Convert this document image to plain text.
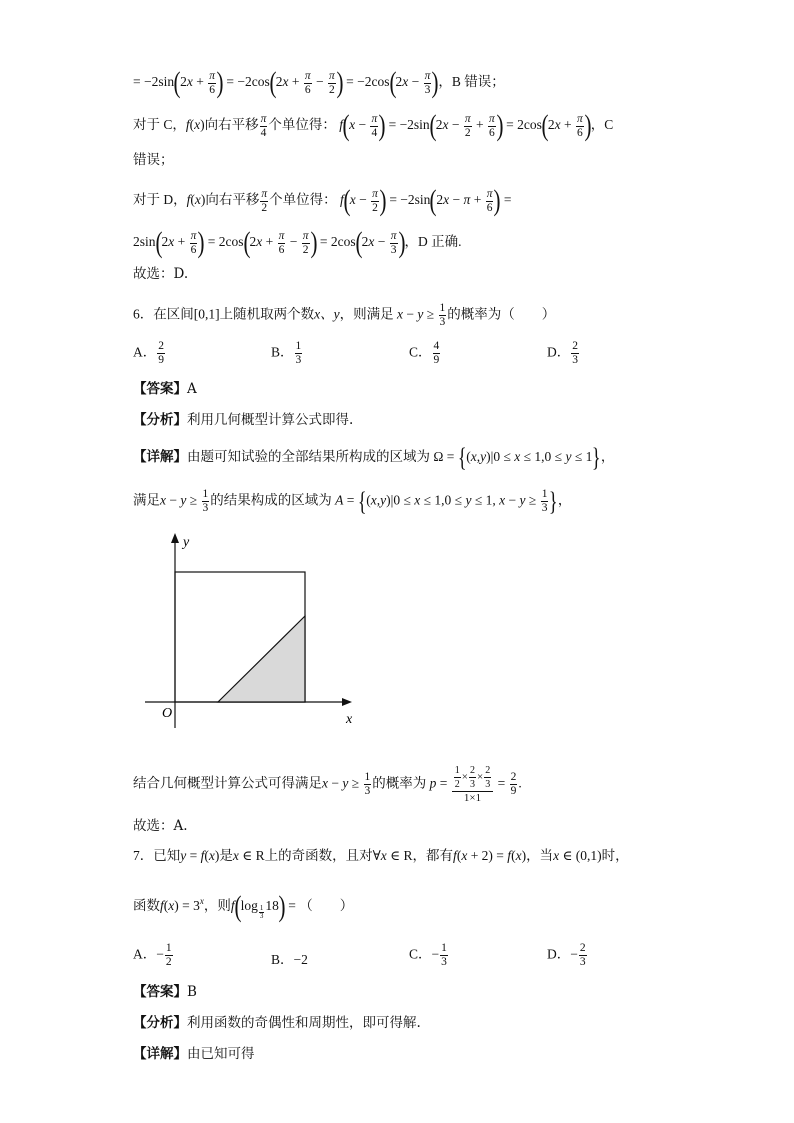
= $-2\sin(2x + \frac{\pi}{6}$ ) = $-2\cos(2x + \frac{\pi}{6} - \frac{\pi}{2}$ ) = $-2\cos(2x - \frac{\pi}{3}$ )，B 错误；
对于 C，f(x)向右平移 $\frac{\pi}{4}$ 个单位得： $f(x - \frac{\pi}{4}$ ) = $-2\sin(2x - \frac{\pi}{2} + \frac{\pi}{6}$ ) = $2\cos(2x + \frac{\pi}{6}$ )，C
错误；
对于 D，f(x)向右平移 $\frac{\pi}{2}$ 个单位得： $f(x - \frac{\pi}{2}$ ) = $-2\sin(2x - \pi + \frac{\pi}{6}$ ) =
$2\sin(2x + \frac{\pi}{6}$ ) = $2\cos(2x + \frac{\pi}{6} - \frac{\pi}{2}$ ) = $2\cos(2x - \frac{\pi}{3}$ )，D 正确.
故选：D.
6．在区间[0,1]上随机取两个数x、y，则满足 $x - y \ge \frac{1}{3}$ 的概率为（　　）
A． $\frac{2}{9}$	B． $\frac{1}{3}$	C． $\frac{4}{9}$	D． $\frac{2}{3}$
【答案】A
【分析】利用几何概型计算公式即得.
【详解】由题可知试验的全部结果所构成的区域为 Ω = {(x,y)|0 ≤ x ≤ 1,0 ≤ y ≤ 1}，
满足$x - y \ge \frac{1}{3}$ 的结果构成的区域为 A = {(x,y)|0 ≤ x ≤ 1,0 ≤ y ≤ 1, $x - y \ge \frac{1}{3}$ }，
O	x
y
结合几何概型计算公式可得满足$x - y \ge \frac{1}{3}$ 的概率为 $p = \frac{\frac{1}{2} \times \frac{2}{3} \times \frac{2}{3}}{1\times 1} = \frac{2}{9}$ .
故选：A.
7．已知y = f(x)是x ∈ R上的奇函数，且对∀x ∈ R，都有f(x + 2) = f(x)，当x ∈ (0,1)时，
函数$f(x) = 3^x$，则f(log $_{\frac{1}{3}}$ 18) = （　　）
A．− $\frac{1}{2}$	B．−2	C．− $\frac{1}{3}$	D．− $\frac{2}{3}$
【答案】B
【分析】利用函数的奇偶性和周期性，即可得解.
【详解】由已知可得
